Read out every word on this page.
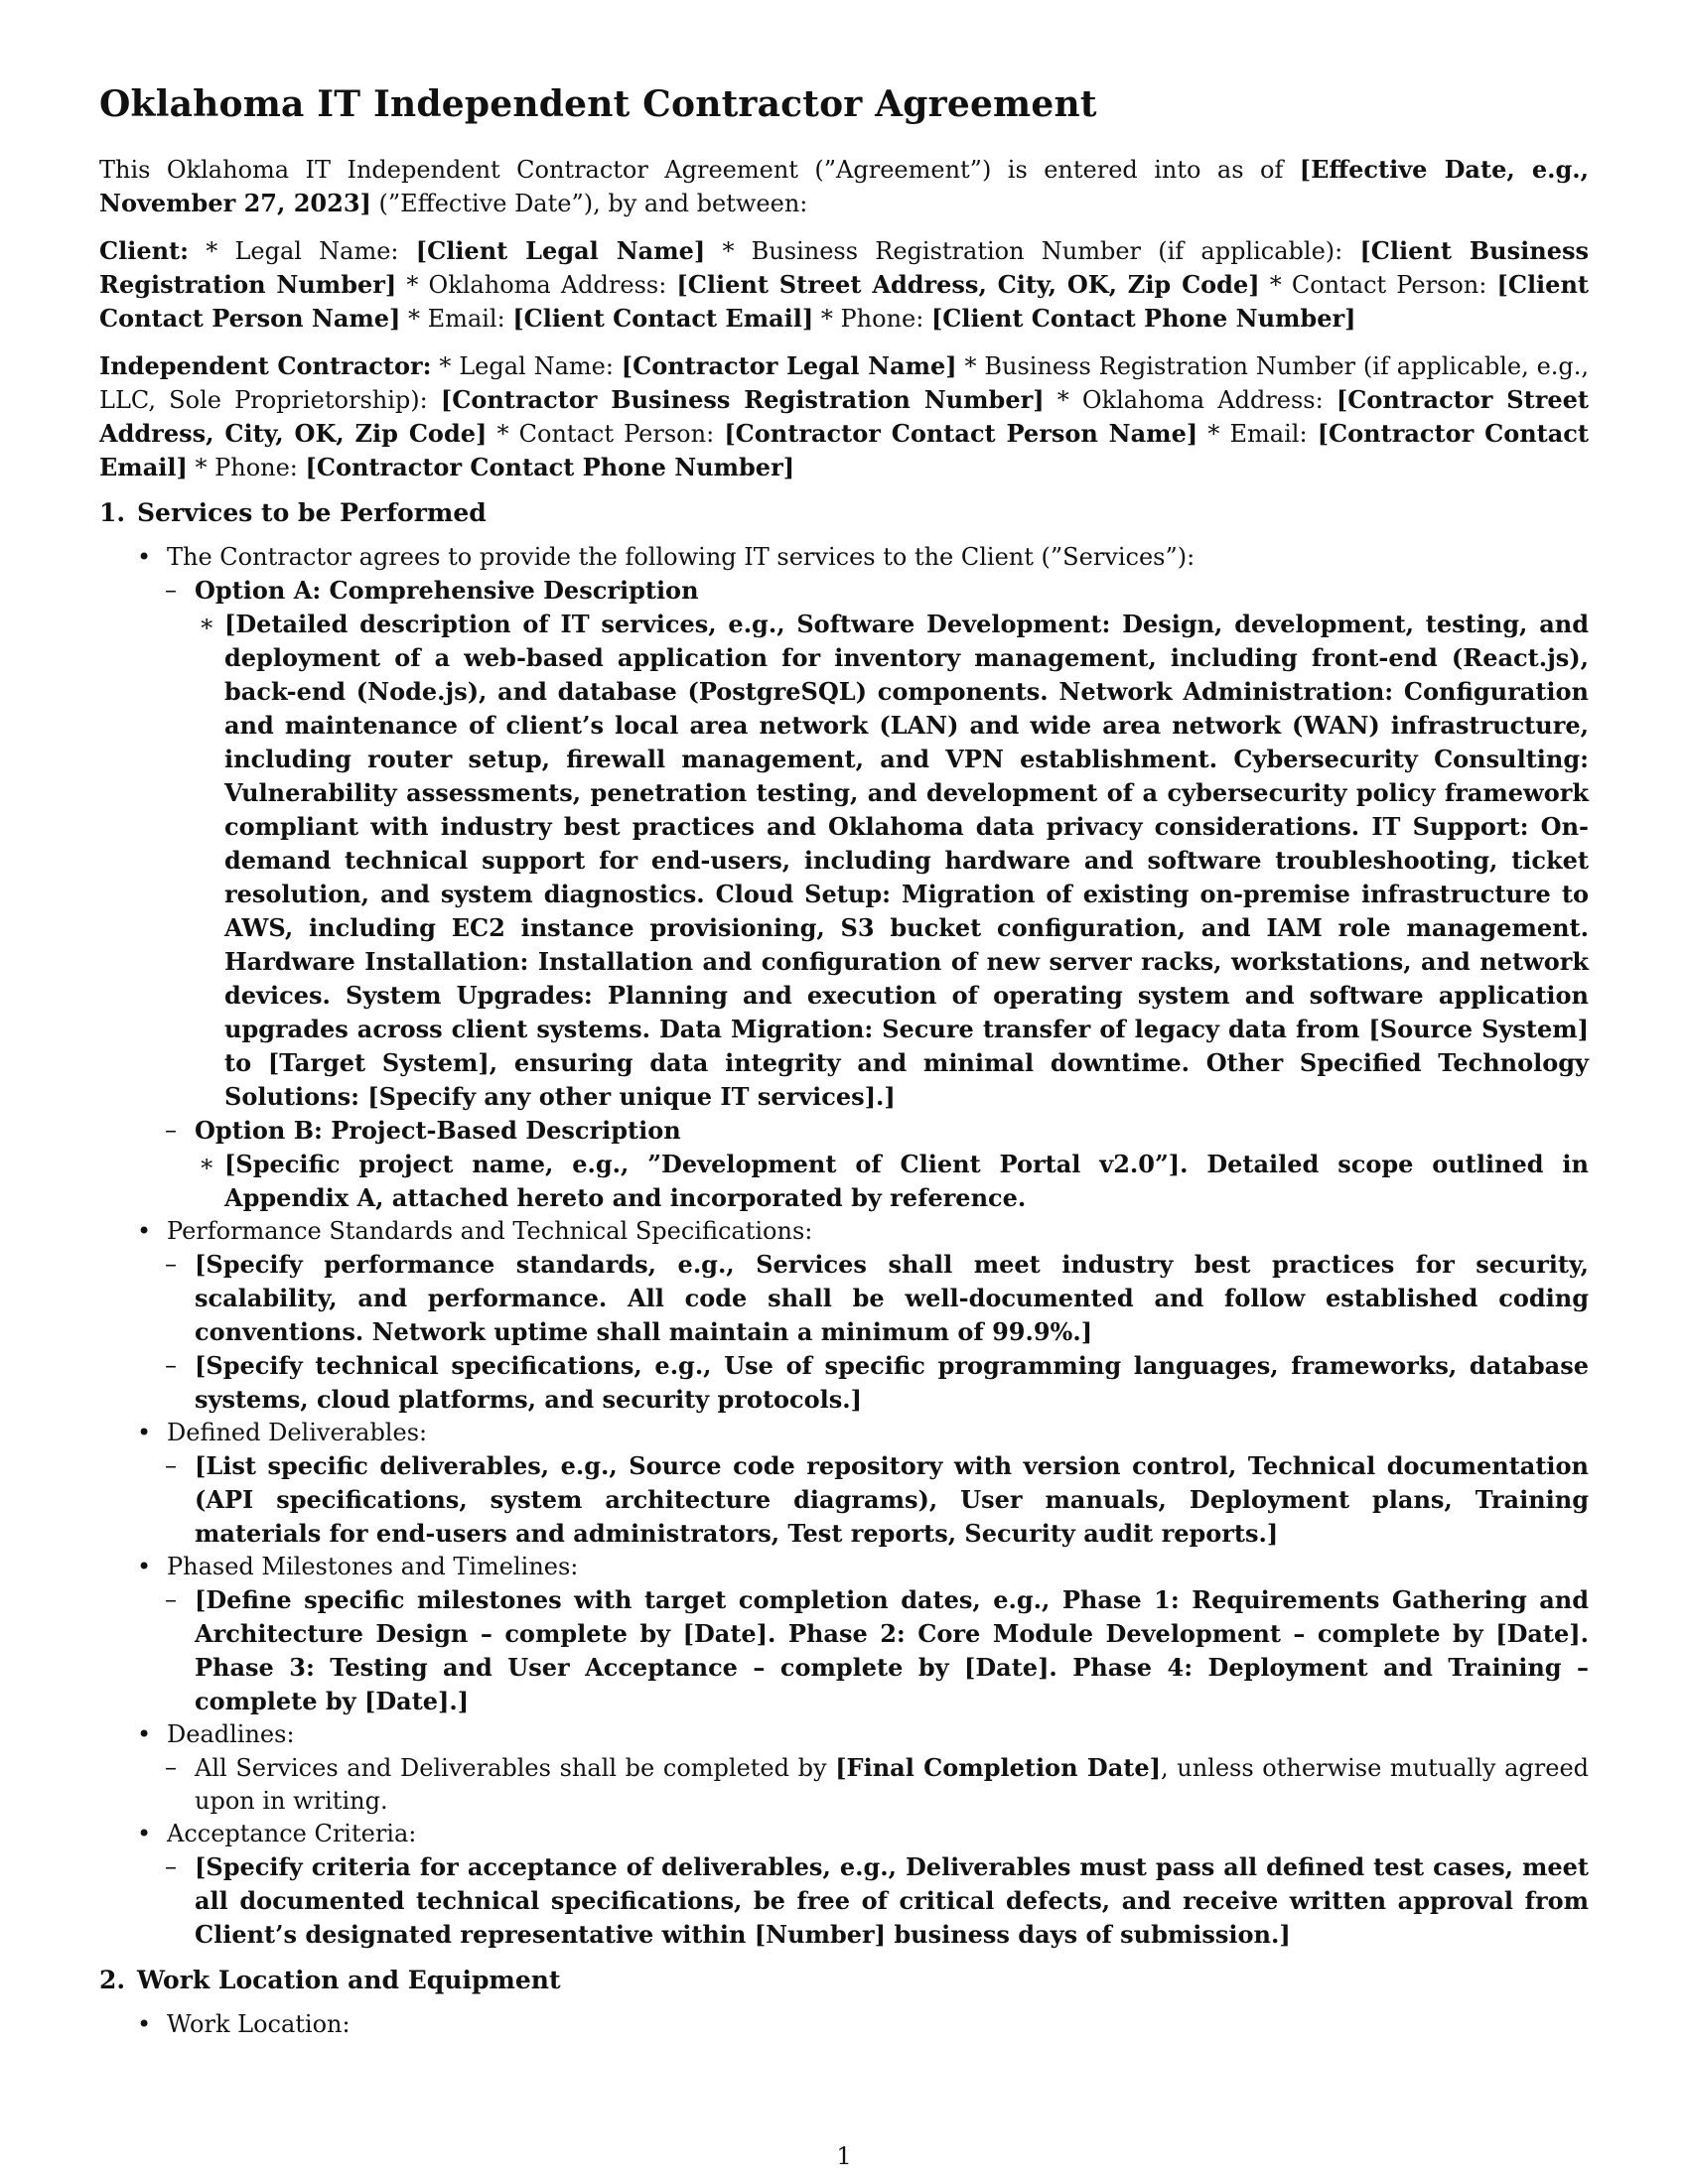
Oklahoma IT Independent Contractor Agreement

This Oklahoma IT Independent Contractor Agreement (”Agreement”) is entered into as of [Effective Date, e.g., November 27, 2023] (”Effective Date”), by and between:

Client: * Legal Name: [Client Legal Name] * Business Registration Number (if applicable): [Client Business Registration Number] * Oklahoma Address: [Client Street Address, City, OK, Zip Code] * Contact Person: [Client Contact Person Name] * Email: [Client Contact Email] * Phone: [Client Contact Phone Number]

Independent Contractor: * Legal Name: [Contractor Legal Name] * Business Registration Number (if applicable, e.g., LLC, Sole Proprietorship): [Contractor Business Registration Number] * Oklahoma Address: [Contractor Street Address, City, OK, Zip Code] * Contact Person: [Contractor Contact Person Name] * Email: [Contractor Contact Email] * Phone: [Contractor Contact Phone Number]

1. Services to be Performed
• The Contractor agrees to provide the following IT services to the Client (”Services”):
– Option A: Comprehensive Description
∗ [Detailed description of IT services, e.g., Software Development: Design, development, testing, and deployment of a web-based application for inventory management, including front-end (React.js), back-end (Node.js), and database (PostgreSQL) components. Network Administration: Configuration and maintenance of client’s local area network (LAN) and wide area network (WAN) infrastructure, including router setup, firewall management, and VPN establishment. Cybersecurity Consulting: Vulnerability assessments, penetration testing, and development of a cybersecurity policy framework compliant with industry best practices and Oklahoma data privacy considerations. IT Support: On-demand technical support for end-users, including hardware and software troubleshooting, ticket resolution, and system diagnostics. Cloud Setup: Migration of existing on-premise infrastructure to AWS, including EC2 instance provisioning, S3 bucket configuration, and IAM role management. Hardware Installation: Installation and configuration of new server racks, workstations, and network devices. System Upgrades: Planning and execution of operating system and software application upgrades across client systems. Data Migration: Secure transfer of legacy data from [Source System] to [Target System], ensuring data integrity and minimal downtime. Other Specified Technology Solutions: [Specify any other unique IT services].]
– Option B: Project-Based Description
∗ [Specific project name, e.g., ”Development of Client Portal v2.0”]. Detailed scope outlined in Appendix A, attached hereto and incorporated by reference.
• Performance Standards and Technical Specifications:
– [Specify performance standards, e.g., Services shall meet industry best practices for security, scalability, and performance. All code shall be well-documented and follow established coding conventions. Network uptime shall maintain a minimum of 99.9%.]
– [Specify technical specifications, e.g., Use of specific programming languages, frameworks, database systems, cloud platforms, and security protocols.]
• Defined Deliverables:
– [List specific deliverables, e.g., Source code repository with version control, Technical documentation (API specifications, system architecture diagrams), User manuals, Deployment plans, Training materials for end-users and administrators, Test reports, Security audit reports.]
• Phased Milestones and Timelines:
– [Define specific milestones with target completion dates, e.g., Phase 1: Requirements Gathering and Architecture Design – complete by [Date]. Phase 2: Core Module Development – complete by [Date]. Phase 3: Testing and User Acceptance – complete by [Date]. Phase 4: Deployment and Training – complete by [Date].]
• Deadlines:
– All Services and Deliverables shall be completed by [Final Completion Date], unless otherwise mutually agreed upon in writing.
• Acceptance Criteria:
– [Specify criteria for acceptance of deliverables, e.g., Deliverables must pass all defined test cases, meet all documented technical specifications, be free of critical defects, and receive written approval from Client’s designated representative within [Number] business days of submission.]
2. Work Location and Equipment
• Work Location:
1
